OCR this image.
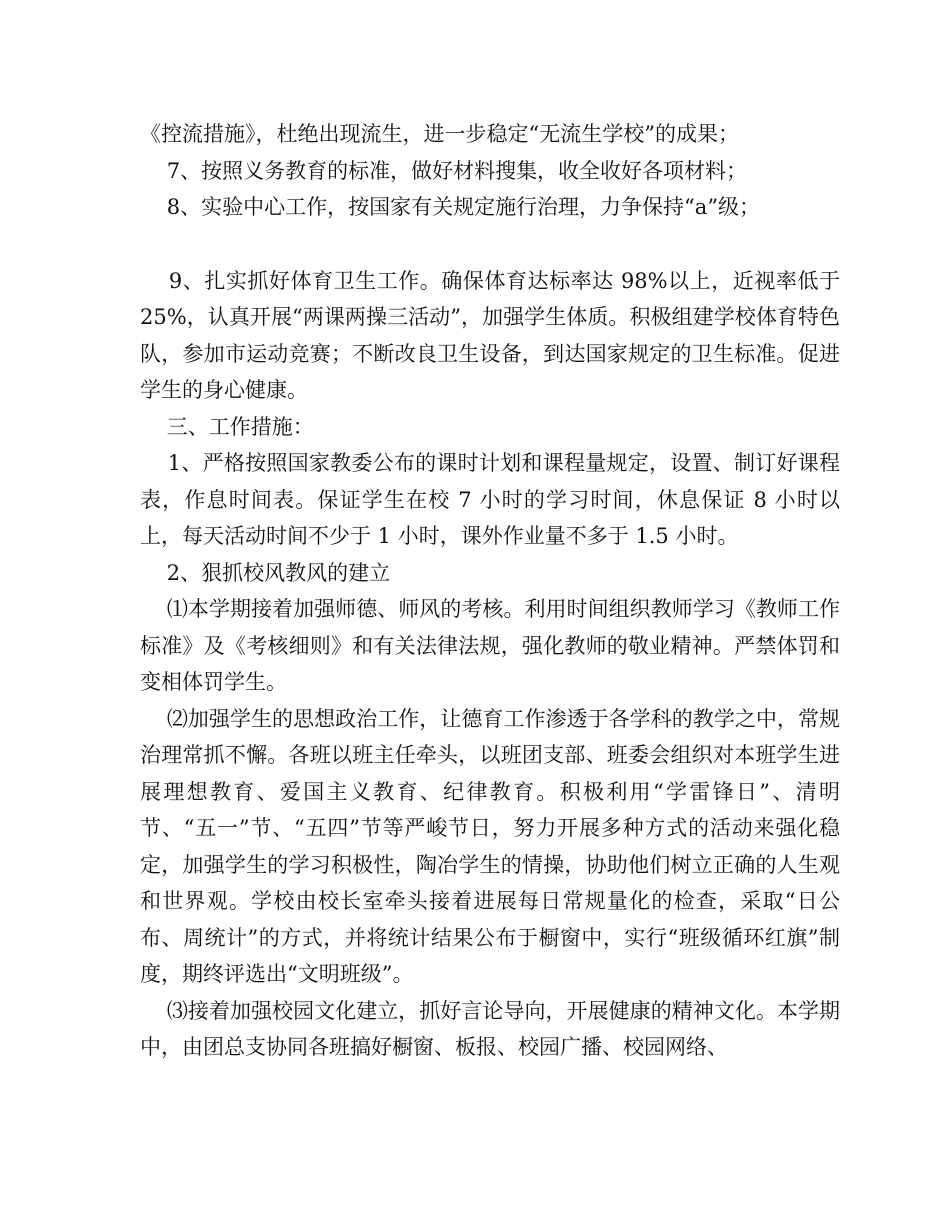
《控流措施》，杜绝出现流生，进一步稳定“无流生学校”的成果；

7、按照义务教育的标准，做好材料搜集，收全收好各项材料；

8、实验中心工作，按国家有关规定施行治理，力争保持“a”级；

9、扎实抓好体育卫生工作。确保体育达标率达 98%以上，近视率低于 25%，认真开展“两课两操三活动”，加强学生体质。积极组建学校体育特色队，参加市运动竞赛；不断改良卫生设备，到达国家规定的卫生标准。促进学生的身心健康。

三、工作措施：

1、严格按照国家教委公布的课时计划和课程量规定，设置、制订好课程表，作息时间表。保证学生在校 7 小时的学习时间，休息保证 8 小时以上，每天活动时间不少于 1 小时，课外作业量不多于 1.5 小时。

2、狠抓校风教风的建立

⑴本学期接着加强师德、师风的考核。利用时间组织教师学习《教师工作标准》及《考核细则》和有关法律法规，强化教师的敬业精神。严禁体罚和变相体罚学生。

⑵加强学生的思想政治工作，让德育工作渗透于各学科的教学之中，常规治理常抓不懈。各班以班主任牵头，以班团支部、班委会组织对本班学生进展理想教育、爱国主义教育、纪律教育。积极利用“学雷锋日”、清明节、“五一”节、“五四”节等严峻节日，努力开展多种方式的活动来强化稳定，加强学生的学习积极性，陶冶学生的情操，协助他们树立正确的人生观和世界观。学校由校长室牵头接着进展每日常规量化的检查，采取“日公布、周统计”的方式，并将统计结果公布于橱窗中，实行“班级循环红旗”制度，期终评选出“文明班级”。

⑶接着加强校园文化建立，抓好言论导向，开展健康的精神文化。本学期中，由团总支协同各班搞好橱窗、板报、校园广播、校园网络、
